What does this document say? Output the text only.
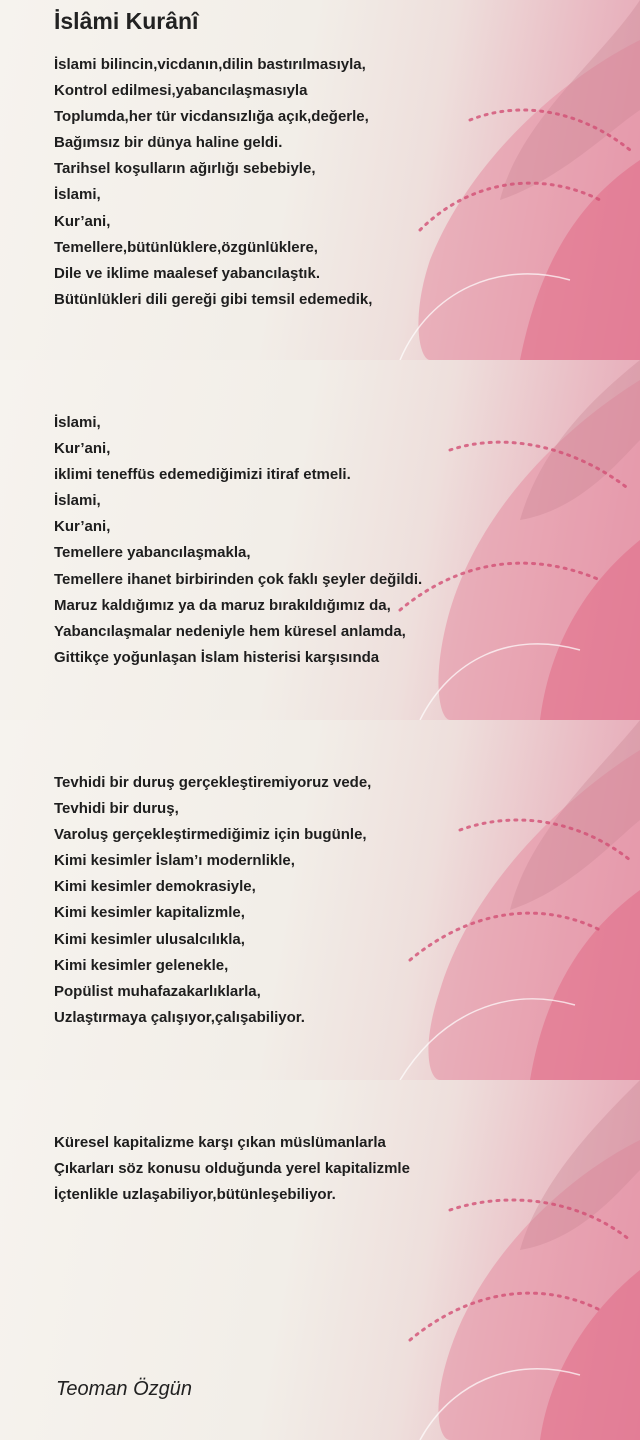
İslâmi Kurânî
İslami bilincin,vicdanın,dilin bastırılmasıyla,
Kontrol edilmesi,yabancılaşmasıyla
Toplumda,her tür vicdansızlığa açık,değerle,
Bağımsız bir dünya haline geldi.
Tarihsel koşulların ağırlığı sebebiyle,
İslami,
Kur’ani,
Temellere,bütünlüklere,özgünlüklere,
Dile ve iklime maalesef yabancılaştık.
Bütünlükleri dili gereği gibi temsil edemedik,
İslami,
Kur’ani,
iklimi teneffüs edemediğimizi itiraf etmeli.
İslami,
Kur’ani,
Temellere yabancılaşmakla,
Temellere ihanet birbirinden çok faklı şeyler değildi.
Maruz kaldığımız ya da maruz bırakıldığımız da,
Yabancılaşmalar nedeniyle hem küresel anlamda,
Gittikçe yoğunlaşan İslam histerisi karşısında
Tevhidi bir duruş gerçekleştiremiyoruz vede,
Tevhidi bir duruş,
Varoluş gerçekleştirmediğimiz için bugünle,
Kimi kesimler İslam’ı modernlikle,
Kimi kesimler demokrasiyle,
Kimi kesimler kapitalizmle,
Kimi kesimler ulusalcılıkla,
Kimi kesimler gelenekle,
Popülist muhafazakarlıklarla,
Uzlaştırmaya çalışıyor,çalışabiliyor.
Küresel kapitalizme karşı çıkan müslümanlarla
Çıkarları söz konusu olduğunda yerel kapitalizmle
İçtenlikle uzlaşabiliyor,bütünleşebiliyor.
Teoman Özgün
